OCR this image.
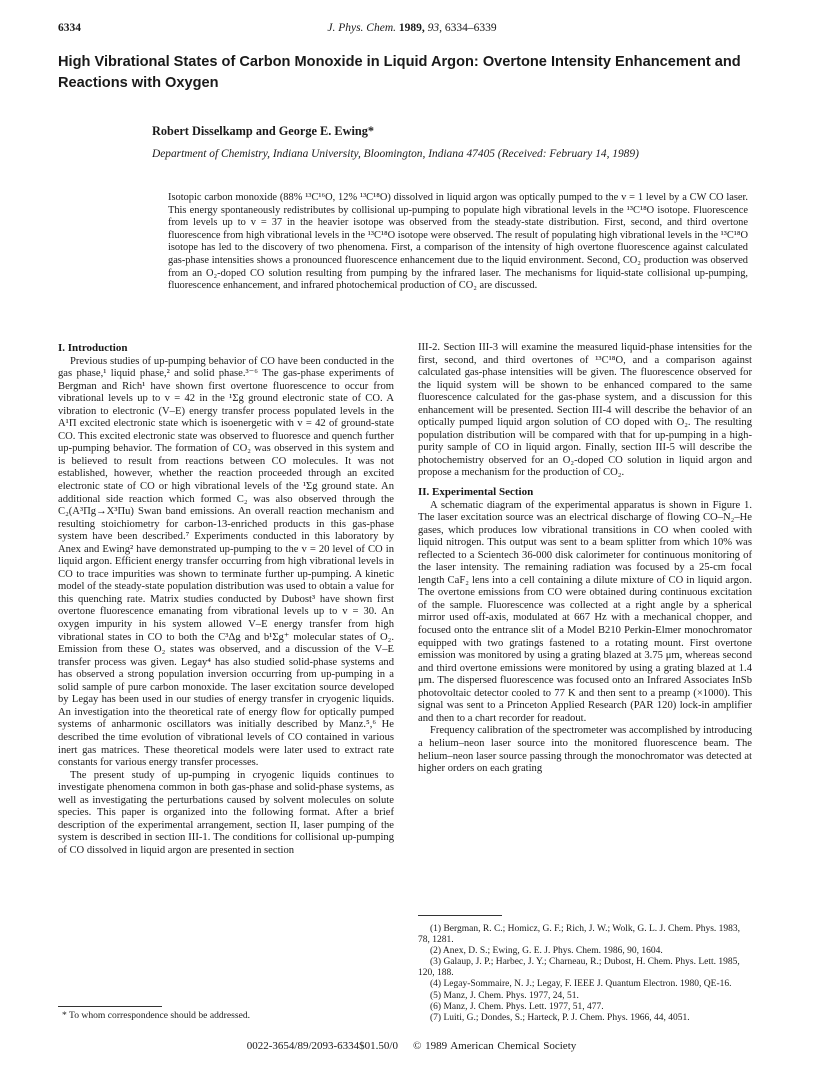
6334	J. Phys. Chem. 1989, 93, 6334–6339
High Vibrational States of Carbon Monoxide in Liquid Argon: Overtone Intensity Enhancement and Reactions with Oxygen
Robert Disselkamp and George E. Ewing*
Department of Chemistry, Indiana University, Bloomington, Indiana 47405 (Received: February 14, 1989)

Isotopic carbon monoxide (88% ¹³C¹⁶O, 12% ¹³C¹⁸O) dissolved in liquid argon was optically pumped to the v = 1 level by a CW CO laser. This energy spontaneously redistributes by collisional up-pumping to populate high vibrational levels in the ¹³C¹⁸O isotope. Fluorescence from levels up to v = 37 in the heavier isotope was observed from the steady-state distribution. First, second, and third overtone fluorescence from high vibrational levels in the ¹³C¹⁸O isotope were observed. The result of populating high vibrational levels in the ¹³C¹⁸O isotope has led to the discovery of two phenomena. First, a comparison of the intensity of high overtone fluorescence against calculated gas-phase intensities shows a pronounced fluorescence enhancement due to the liquid environment. Second, CO₂ production was observed from an O₂-doped CO solution resulting from pumping by the infrared laser. The mechanisms for liquid-state collisional up-pumping, fluorescence enhancement, and infrared photochemical production of CO₂ are discussed.

I. Introduction

Previous studies of up-pumping behavior of CO have been conducted in the gas phase,¹ liquid phase,² and solid phase.³⁻⁶ The gas-phase experiments of Bergman and Rich¹ have shown first overtone fluorescence to occur from vibrational levels up to v = 42 in the ¹Σg ground electronic state of CO. A vibration to electronic (V–E) energy transfer process populated levels in the A¹Π excited electronic state which is isoenergetic with v = 42 of ground-state CO. This excited electronic state was observed to fluoresce and quench further up-pumping behavior. The formation of CO₂ was observed in this system and is believed to result from reactions between CO molecules. It was not established, however, whether the reaction proceeded through an excited electronic state of CO or high vibrational levels of the ¹Σg ground state. An additional side reaction which formed C₂ was also observed through the C₂(A³Πg→X³Πu) Swan band emissions. An overall reaction mechanism and resulting stoichiometry for carbon-13-enriched products in this gas-phase system have been described.⁷ Experiments conducted in this laboratory by Anex and Ewing² have demonstrated up-pumping to the v = 20 level of CO in liquid argon. Efficient energy transfer occurring from high vibrational levels in CO to trace impurities was shown to terminate further up-pumping. A kinetic model of the steady-state population distribution was used to obtain a value for this quenching rate. Matrix studies conducted by Dubost³ have shown first overtone fluorescence emanating from vibrational levels up to v = 30. An oxygen impurity in his system allowed V–E energy transfer from high vibrational states in CO to both the C³Δg and b¹Σg⁺ molecular states of O₂. Emission from these O₂ states was observed, and a discussion of the V–E transfer process was given. Legay⁴ has also studied solid-phase systems and has observed a strong population inversion occurring from up-pumping in a solid sample of pure carbon monoxide. The laser excitation source developed by Legay has been used in our studies of energy transfer in cryogenic liquids. An investigation into the theoretical rate of energy flow for optically pumped systems of anharmonic oscillators was initially described by Manz.⁵,⁶ He described the time evolution of vibrational levels of CO contained in various inert gas matrices. These theoretical models were later used to extract rate constants for various energy transfer processes.

The present study of up-pumping in cryogenic liquids continues to investigate phenomena common in both gas-phase and solid-phase systems, as well as investigating the perturbations caused by solvent molecules on solute species. This paper is organized into the following format. After a brief description of the experimental arrangement, section II, laser pumping of the system is described in section III-1. The conditions for collisional up-pumping of CO dissolved in liquid argon are presented in section

III-2. Section III-3 will examine the measured liquid-phase intensities for the first, second, and third overtones of ¹³C¹⁸O, and a comparison against calculated gas-phase intensities will be given. The fluorescence observed for the liquid system will be shown to be enhanced compared to the same fluorescence calculated for the gas-phase system, and a discussion for this enhancement will be presented. Section III-4 will describe the behavior of an optically pumped liquid argon solution of CO doped with O₂. The resulting population distribution will be compared with that for up-pumping in a high-purity sample of CO in liquid argon. Finally, section III-5 will describe the photochemistry observed for an O₂-doped CO solution in liquid argon and propose a mechanism for the production of CO₂.

II. Experimental Section

A schematic diagram of the experimental apparatus is shown in Figure 1. The laser excitation source was an electrical discharge of flowing CO–N₂–He gases, which produces low vibrational transitions in CO when cooled with liquid nitrogen. This output was sent to a beam splitter from which 10% was reflected to a Scientech 36-000 disk calorimeter for continuous monitoring of the laser intensity. The remaining radiation was focused by a 25-cm focal length CaF₂ lens into a cell containing a dilute mixture of CO in liquid argon. The overtone emissions from CO were obtained during continuous excitation of the sample. Fluorescence was collected at a right angle by a spherical mirror used off-axis, modulated at 667 Hz with a mechanical chopper, and focused onto the entrance slit of a Model B210 Perkin-Elmer monochromator equipped with two gratings fastened to a rotating mount. First overtone emission was monitored by using a grating blazed at 3.75 μm, whereas second and third overtone emissions were monitored by using a grating blazed at 1.4 μm. The dispersed fluorescence was focused onto an Infrared Associates InSb photovoltaic detector cooled to 77 K and then sent to a preamp (×1000). This signal was sent to a Princeton Applied Research (PAR 120) lock-in amplifier and then to a chart recorder for readout.

Frequency calibration of the spectrometer was accomplished by introducing a helium–neon laser source into the monitored fluorescence beam. The helium–neon laser source passing through the monochromator was detected at higher orders on each grating

* To whom correspondence should be addressed.

(1) Bergman, R. C.; Homicz, G. F.; Rich, J. W.; Wolk, G. L. J. Chem. Phys. 1983, 78, 1281.

(2) Anex, D. S.; Ewing, G. E. J. Phys. Chem. 1986, 90, 1604.

(3) Galaup, J. P.; Harbec, J. Y.; Charneau, R.; Dubost, H. Chem. Phys. Lett. 1985, 120, 188.

(4) Legay-Sommaire, N. J.; Legay, F. IEEE J. Quantum Electron. 1980, QE-16.

(5) Manz, J. Chem. Phys. 1977, 24, 51.

(6) Manz, J. Chem. Phys. Lett. 1977, 51, 477.

(7) Luiti, G.; Dondes, S.; Harteck, P. J. Chem. Phys. 1966, 44, 4051.

0022-3654/89/2093-6334$01.50/0 © 1989 American Chemical Society
